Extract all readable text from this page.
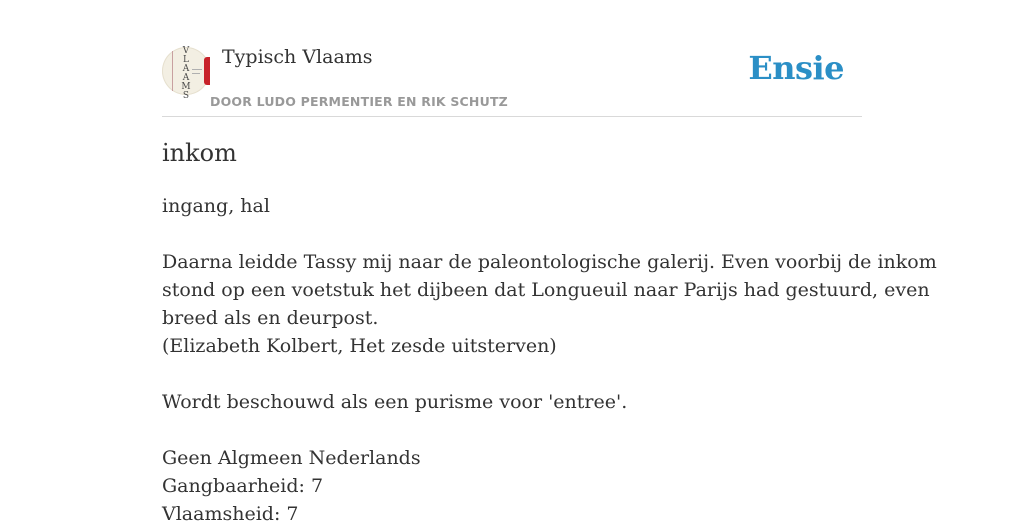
V
L
A
A
M
S
Typisch Vlaams
DOOR LUDO PERMENTIER EN RIK SCHUTZ
Ensie
inkom

ingang, hal

Daarna leidde Tassy mij naar de paleontologische galerij. Even voorbij de inkom

stond op een voetstuk het dijbeen dat Longueuil naar Parijs had gestuurd, even

breed als en deurpost.

(Elizabeth Kolbert, Het zesde uitsterven)

Wordt beschouwd als een purisme voor 'entree'.

Geen Algmeen Nederlands

Gangbaarheid: 7

Vlaamsheid: 7
